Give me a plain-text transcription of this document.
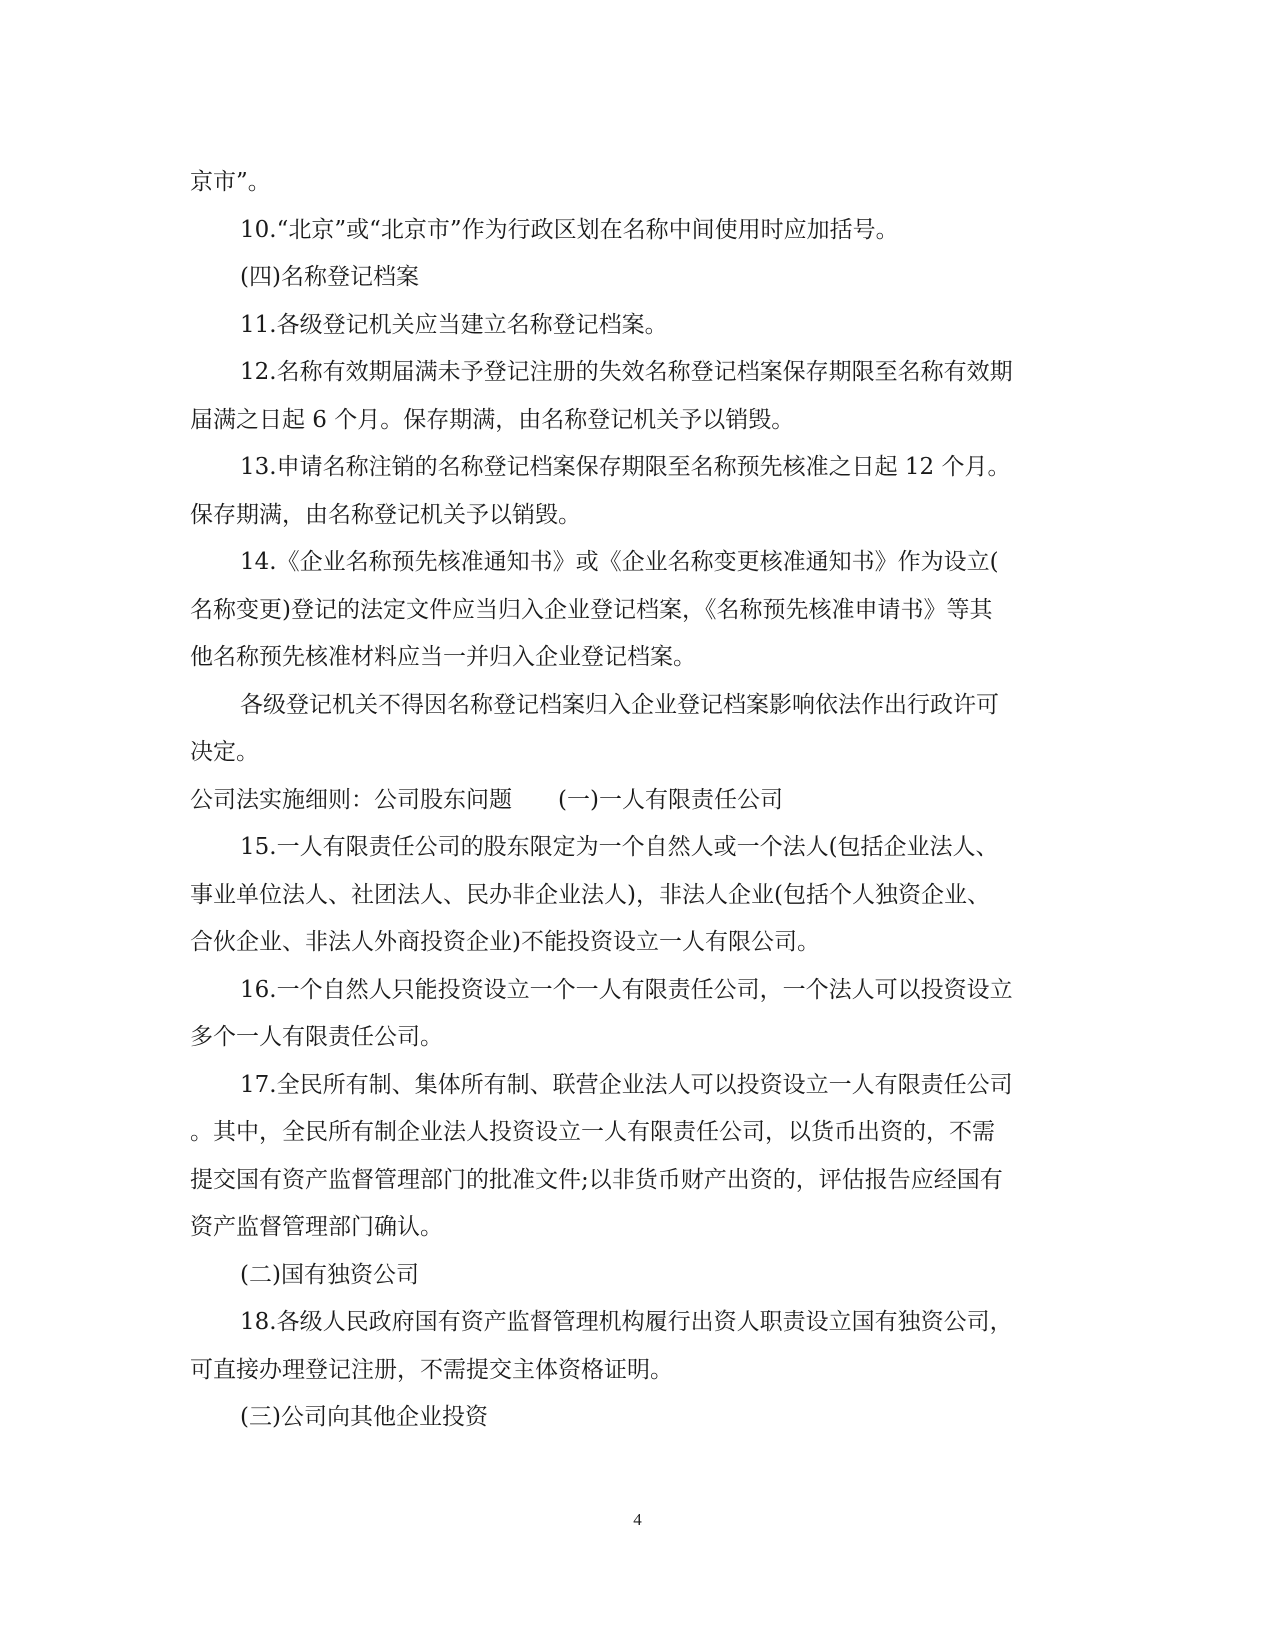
京市”。

10.“北京”或“北京市”作为行政区划在名称中间使用时应加括号。

(四)名称登记档案

11.各级登记机关应当建立名称登记档案。

12.名称有效期届满未予登记注册的失效名称登记档案保存期限至名称有效期

届满之日起 6 个月。保存期满，由名称登记机关予以销毁。

13.申请名称注销的名称登记档案保存期限至名称预先核准之日起 12 个月。

保存期满，由名称登记机关予以销毁。

14.《企业名称预先核准通知书》或《企业名称变更核准通知书》作为设立(

名称变更)登记的法定文件应当归入企业登记档案，《名称预先核准申请书》等其

他名称预先核准材料应当一并归入企业登记档案。

各级登记机关不得因名称登记档案归入企业登记档案影响依法作出行政许可

决定。

公司法实施细则：公司股东问题　　(一)一人有限责任公司

15.一人有限责任公司的股东限定为一个自然人或一个法人(包括企业法人、

事业单位法人、社团法人、民办非企业法人)，非法人企业(包括个人独资企业、

合伙企业、非法人外商投资企业)不能投资设立一人有限公司。

16.一个自然人只能投资设立一个一人有限责任公司，一个法人可以投资设立

多个一人有限责任公司。

17.全民所有制、集体所有制、联营企业法人可以投资设立一人有限责任公司

。其中，全民所有制企业法人投资设立一人有限责任公司，以货币出资的，不需

提交国有资产监督管理部门的批准文件;以非货币财产出资的，评估报告应经国有

资产监督管理部门确认。

(二)国有独资公司

18.各级人民政府国有资产监督管理机构履行出资人职责设立国有独资公司，

可直接办理登记注册，不需提交主体资格证明。

(三)公司向其他企业投资

4
